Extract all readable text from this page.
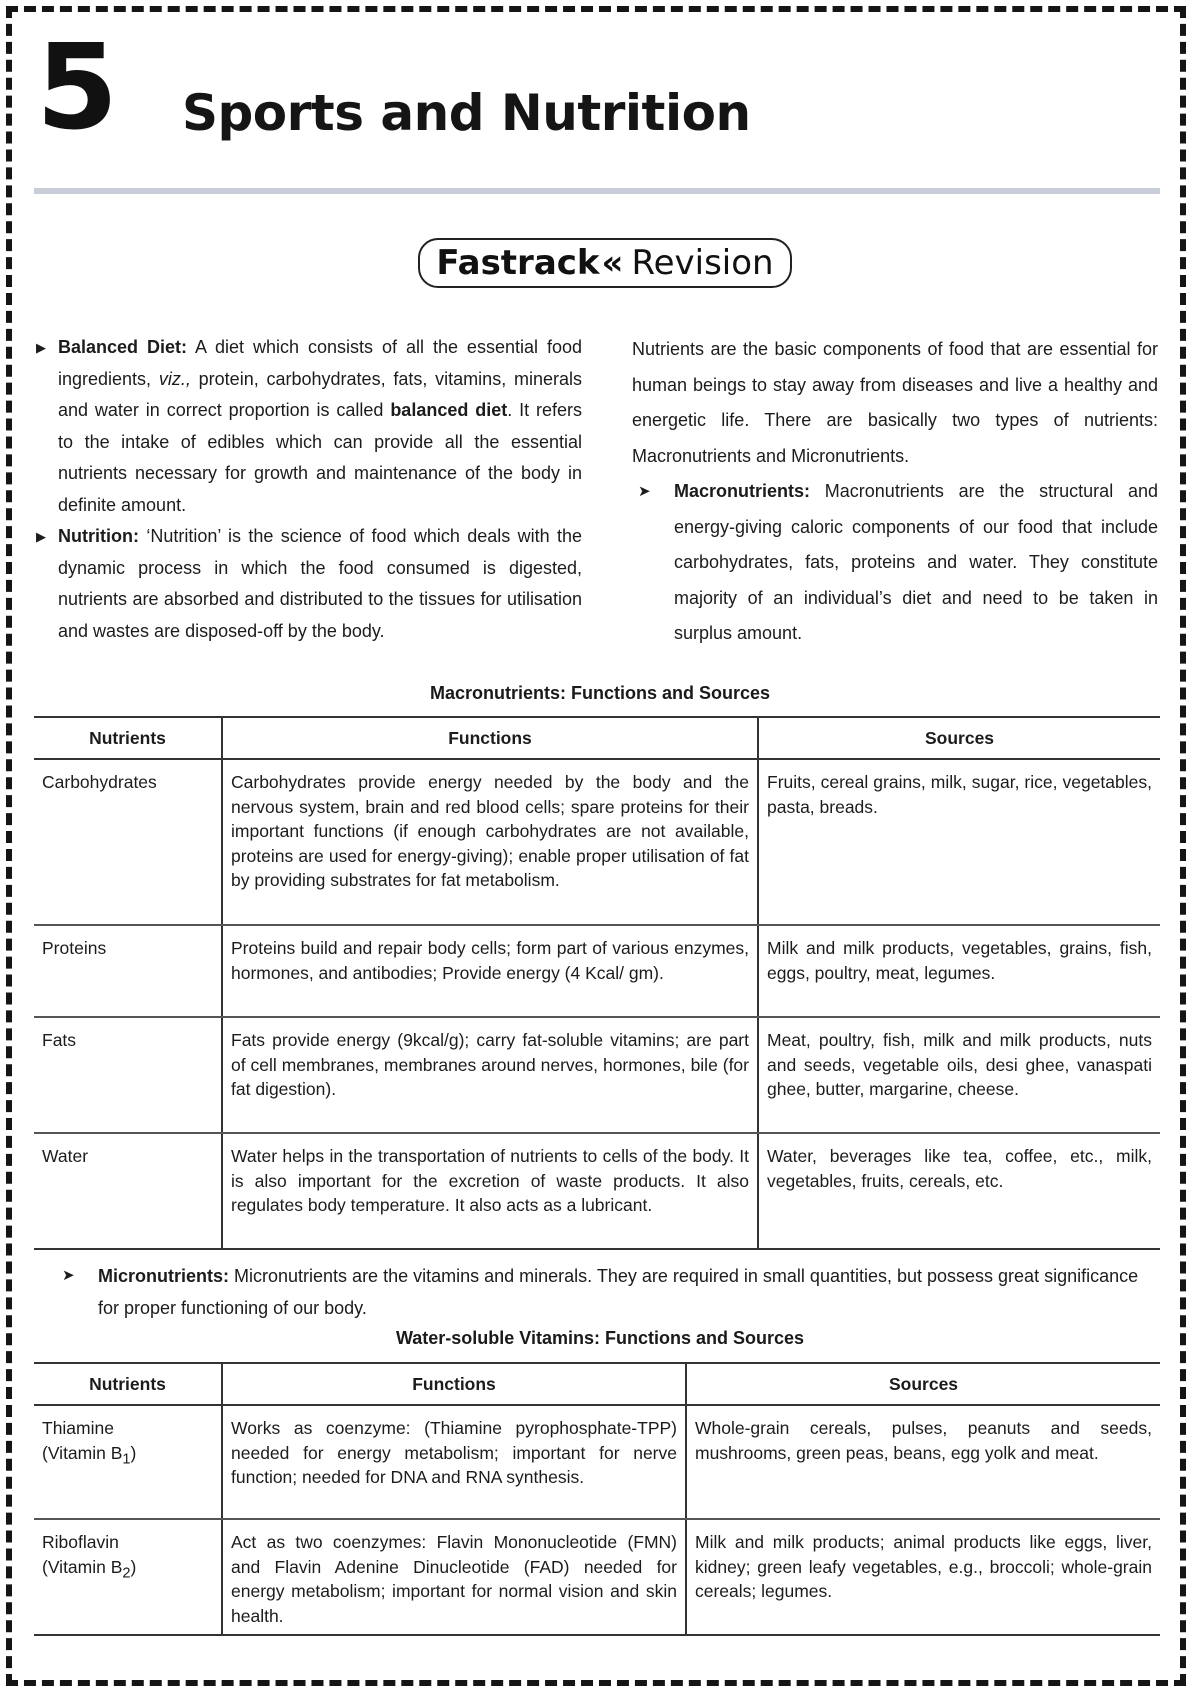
5 Sports and Nutrition
Fastrack « Revision
▶ Balanced Diet: A diet which consists of all the essential food ingredients, viz., protein, carbohydrates, fats, vitamins, minerals and water in correct proportion is called balanced diet. It refers to the intake of edibles which can provide all the essential nutrients necessary for growth and maintenance of the body in definite amount.
▶ Nutrition: ‘Nutrition’ is the science of food which deals with the dynamic process in which the food consumed is digested, nutrients are absorbed and distributed to the tissues for utilisation and wastes are disposed-off by the body.
Nutrients are the basic components of food that are essential for human beings to stay away from diseases and live a healthy and energetic life. There are basically two types of nutrients: Macronutrients and Micronutrients.
➤ Macronutrients: Macronutrients are the structural and energy-giving caloric components of our food that include carbohydrates, fats, proteins and water. They constitute majority of an individual’s diet and need to be taken in surplus amount.
Macronutrients: Functions and Sources
Nutrients	Functions	Sources
Carbohydrates	Carbohydrates provide energy needed by the body and the nervous system, brain and red blood cells; spare proteins for their important functions (if enough carbohydrates are not available, proteins are used for energy-giving); enable proper utilisation of fat by providing substrates for fat metabolism.	Fruits, cereal grains, milk, sugar, rice, vegetables, pasta, breads.
Proteins	Proteins build and repair body cells; form part of various enzymes, hormones, and antibodies; Provide energy (4 Kcal/ gm).	Milk and milk products, vegetables, grains, fish, eggs, poultry, meat, legumes.
Fats	Fats provide energy (9kcal/g); carry fat-soluble vitamins; are part of cell membranes, membranes around nerves, hormones, bile (for fat digestion).	Meat, poultry, fish, milk and milk products, nuts and seeds, vegetable oils, desi ghee, vanaspati ghee, butter, margarine, cheese.
Water	Water helps in the transportation of nutrients to cells of the body. It is also important for the excretion of waste products. It also regulates body temperature. It also acts as a lubricant.	Water, beverages like tea, coffee, etc., milk, vegetables, fruits, cereals, etc.
➤ Micronutrients: Micronutrients are the vitamins and minerals. They are required in small quantities, but possess great significance for proper functioning of our body.
Water-soluble Vitamins: Functions and Sources
Nutrients	Functions	Sources

Thiamine
(Vitamin $B_1$)	Works as coenzyme: (Thiamine pyrophosphate-TPP) needed for energy metabolism; important for nerve function; needed for DNA and RNA synthesis.	Whole-grain cereals, pulses, peanuts and seeds, mushrooms, green peas, beans, egg yolk and meat.

Riboflavin
(Vitamin $B_2$)	Act as two coenzymes: Flavin Mononucleotide (FMN) and Flavin Adenine Dinucleotide (FAD) needed for energy metabolism; important for normal vision and skin health.	Milk and milk products; animal products like eggs, liver, kidney; green leafy vegetables, e.g., broccoli; whole-grain cereals; legumes.
